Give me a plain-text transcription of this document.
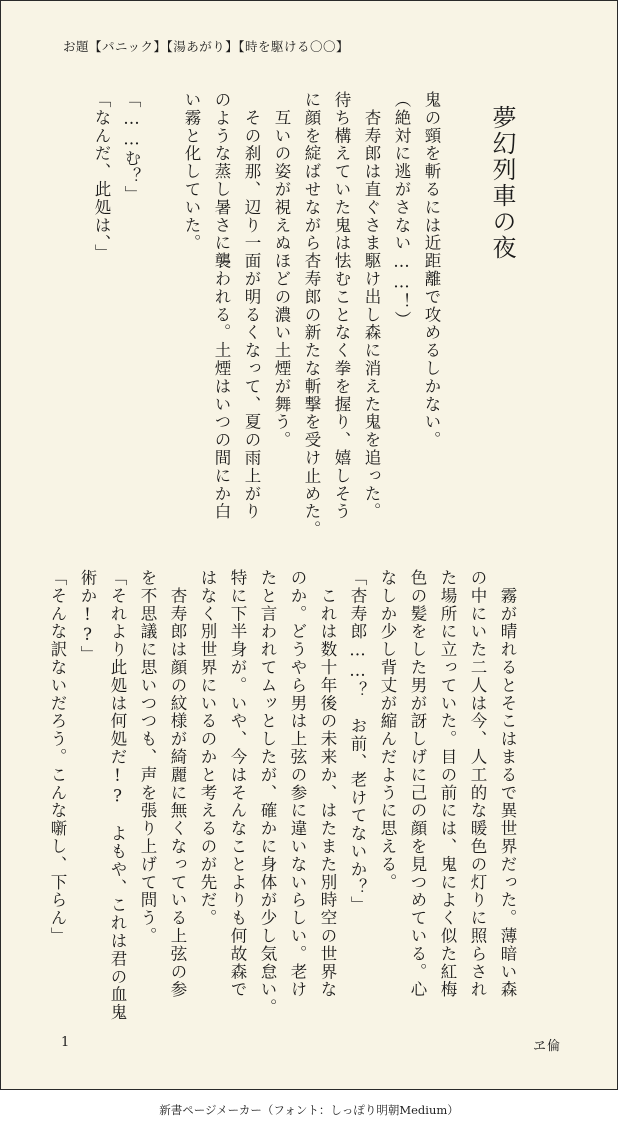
お題【パニック】【湯あがり】【時を駆ける〇〇】
鬼の頸を斬るには近距離で攻めるしかない。
（絶対に逃がさない……！）
　杏寿郎は直ぐさま駆け出し森に消えた鬼を追った。
待ち構えていた鬼は怯むことなく拳を握り、嬉しそう
に顔を綻ばせながら杏寿郎の新たな斬撃を受け止めた。
　互いの姿が視えぬほどの濃い土煙が舞う。
　その刹那、辺り一面が明るくなって、夏の雨上がり
のような蒸し暑さに襲われる。土煙はいつの間にか白
い霧と化していた。

「……む？」
「なんだ、此処は、」	夢幻列車の夜
　霧が晴れるとそこはまるで異世界だった。薄暗い森
の中にいた二人は今、人工的な暖色の灯りに照らされ
た場所に立っていた。目の前には、鬼によく似た紅梅
色の髪をした男が訝しげに己の顔を見つめている。心
なしか少し背丈が縮んだように思える。
「杏寿郎……？　お前、老けてないか？」
　これは数十年後の未来か、はたまた別時空の世界な
のか。どうやら男は上弦の参に違いないらしい。老け
たと言われてムッとしたが、確かに身体が少し気怠い。
特に下半身が。いや、今はそんなことよりも何故森で
はなく別世界にいるのかと考えるのが先だ。
　杏寿郎は顔の紋様が綺麗に無くなっている上弦の参
を不思議に思いつつも、声を張り上げて問う。
「それより此処は何処だ!?　よもや、これは君の血鬼
術か!?」
「そんな訳ないだろう。こんな噺し、下らん」
1	ヱ倫
新書ページメーカー（フォント：しっぽり明朝Medium）
